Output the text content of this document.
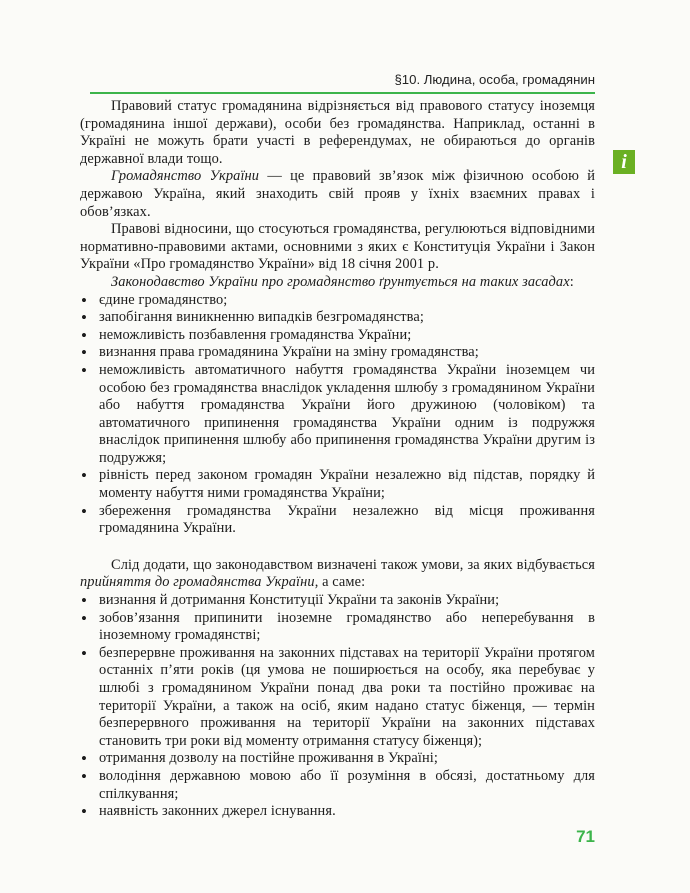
§10. Людина, особа, громадянин
і

Правовий статус громадянина відрізняється від правового статусу іноземця (громадянина іншої держави), особи без громадянства. Наприклад, останні в Україні не можуть брати участі в референдумах, не обираються до органів державної влади тощо.

Громадянство України — це правовий зв’язок між фізичною особою й державою Україна, який знаходить свій прояв у їхніх взаємних правах і обов’язках.

Правові відносини, що стосуються громадянства, регулюються відповідними нормативно-правовими актами, основними з яких є Конституція України і Закон України «Про громадянство України» від 18 січня 2001 р.

Законодавство України про громадянство ґрунтується на таких засадах:

• єдине громадянство;
• запобігання виникненню випадків безгромадянства;
• неможливість позбавлення громадянства України;
• визнання права громадянина України на зміну громадянства;
• неможливість автоматичного набуття громадянства України іноземцем чи особою без громадянства внаслідок укладення шлюбу з громадянином України або набуття громадянства України його дружиною (чоловіком) та автоматичного припинення громадянства України одним із подружжя внаслідок припинення шлюбу або припинення громадянства України другим із подружжя;
• рівність перед законом громадян України незалежно від підстав, порядку й моменту набуття ними громадянства України;
• збереження громадянства України незалежно від місця проживання громадянина України.

Слід додати, що законодавством визначені також умови, за яких відбувається прийняття до громадянства України, а саме:

• визнання й дотримання Конституції України та законів України;
• зобов’язання припинити іноземне громадянство або неперебування в іноземному громадянстві;
• безперервне проживання на законних підставах на території України протягом останніх п’яти років (ця умова не поширюється на особу, яка перебуває у шлюбі з громадянином України понад два роки та постійно проживає на території України, а також на осіб, яким надано статус біженця, — термін безперервного проживання на території України на законних підставах становить три роки від моменту отримання статусу біженця);
• отримання дозволу на постійне проживання в Україні;
• володіння державною мовою або її розуміння в обсязі, достатньому для спілкування;
• наявність законних джерел існування.
71
